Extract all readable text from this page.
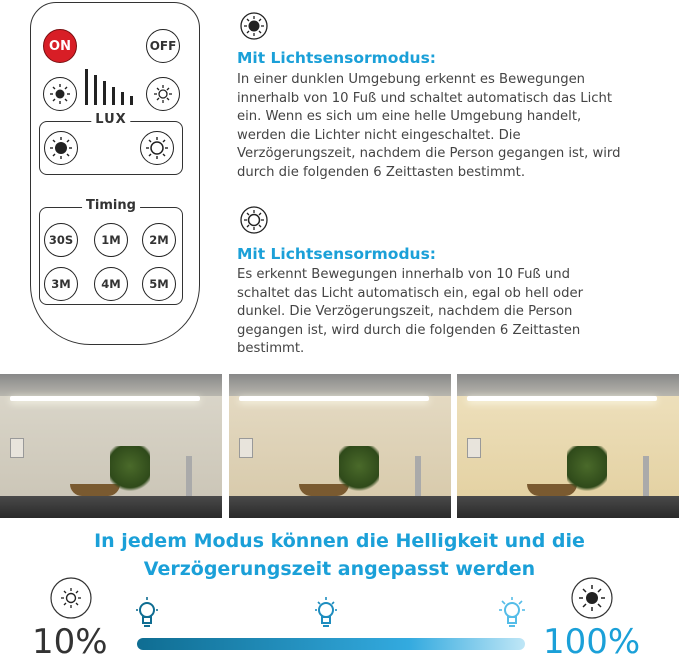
ON	OFF
LUX
Timing
30S	1M	2M
3M	4M	5M
Mit Lichtsensormodus:
In einer dunklen Umgebung erkennt es Bewegungen
innerhalb von 10 Fuß und schaltet automatisch das Licht
ein. Wenn es sich um eine helle Umgebung handelt,
werden die Lichter nicht eingeschaltet. Die
Verzögerungszeit, nachdem die Person gegangen ist, wird
durch die folgenden 6 Zeittasten bestimmt.
Mit Lichtsensormodus:
Es erkennt Bewegungen innerhalb von 10 Fuß und
schaltet das Licht automatisch ein, egal ob hell oder
dunkel. Die Verzögerungszeit, nachdem die Person
gegangen ist, wird durch die folgenden 6 Zeittasten
bestimmt.
In jedem Modus können die Helligkeit und die
Verzögerungszeit angepasst werden
10%	100%
